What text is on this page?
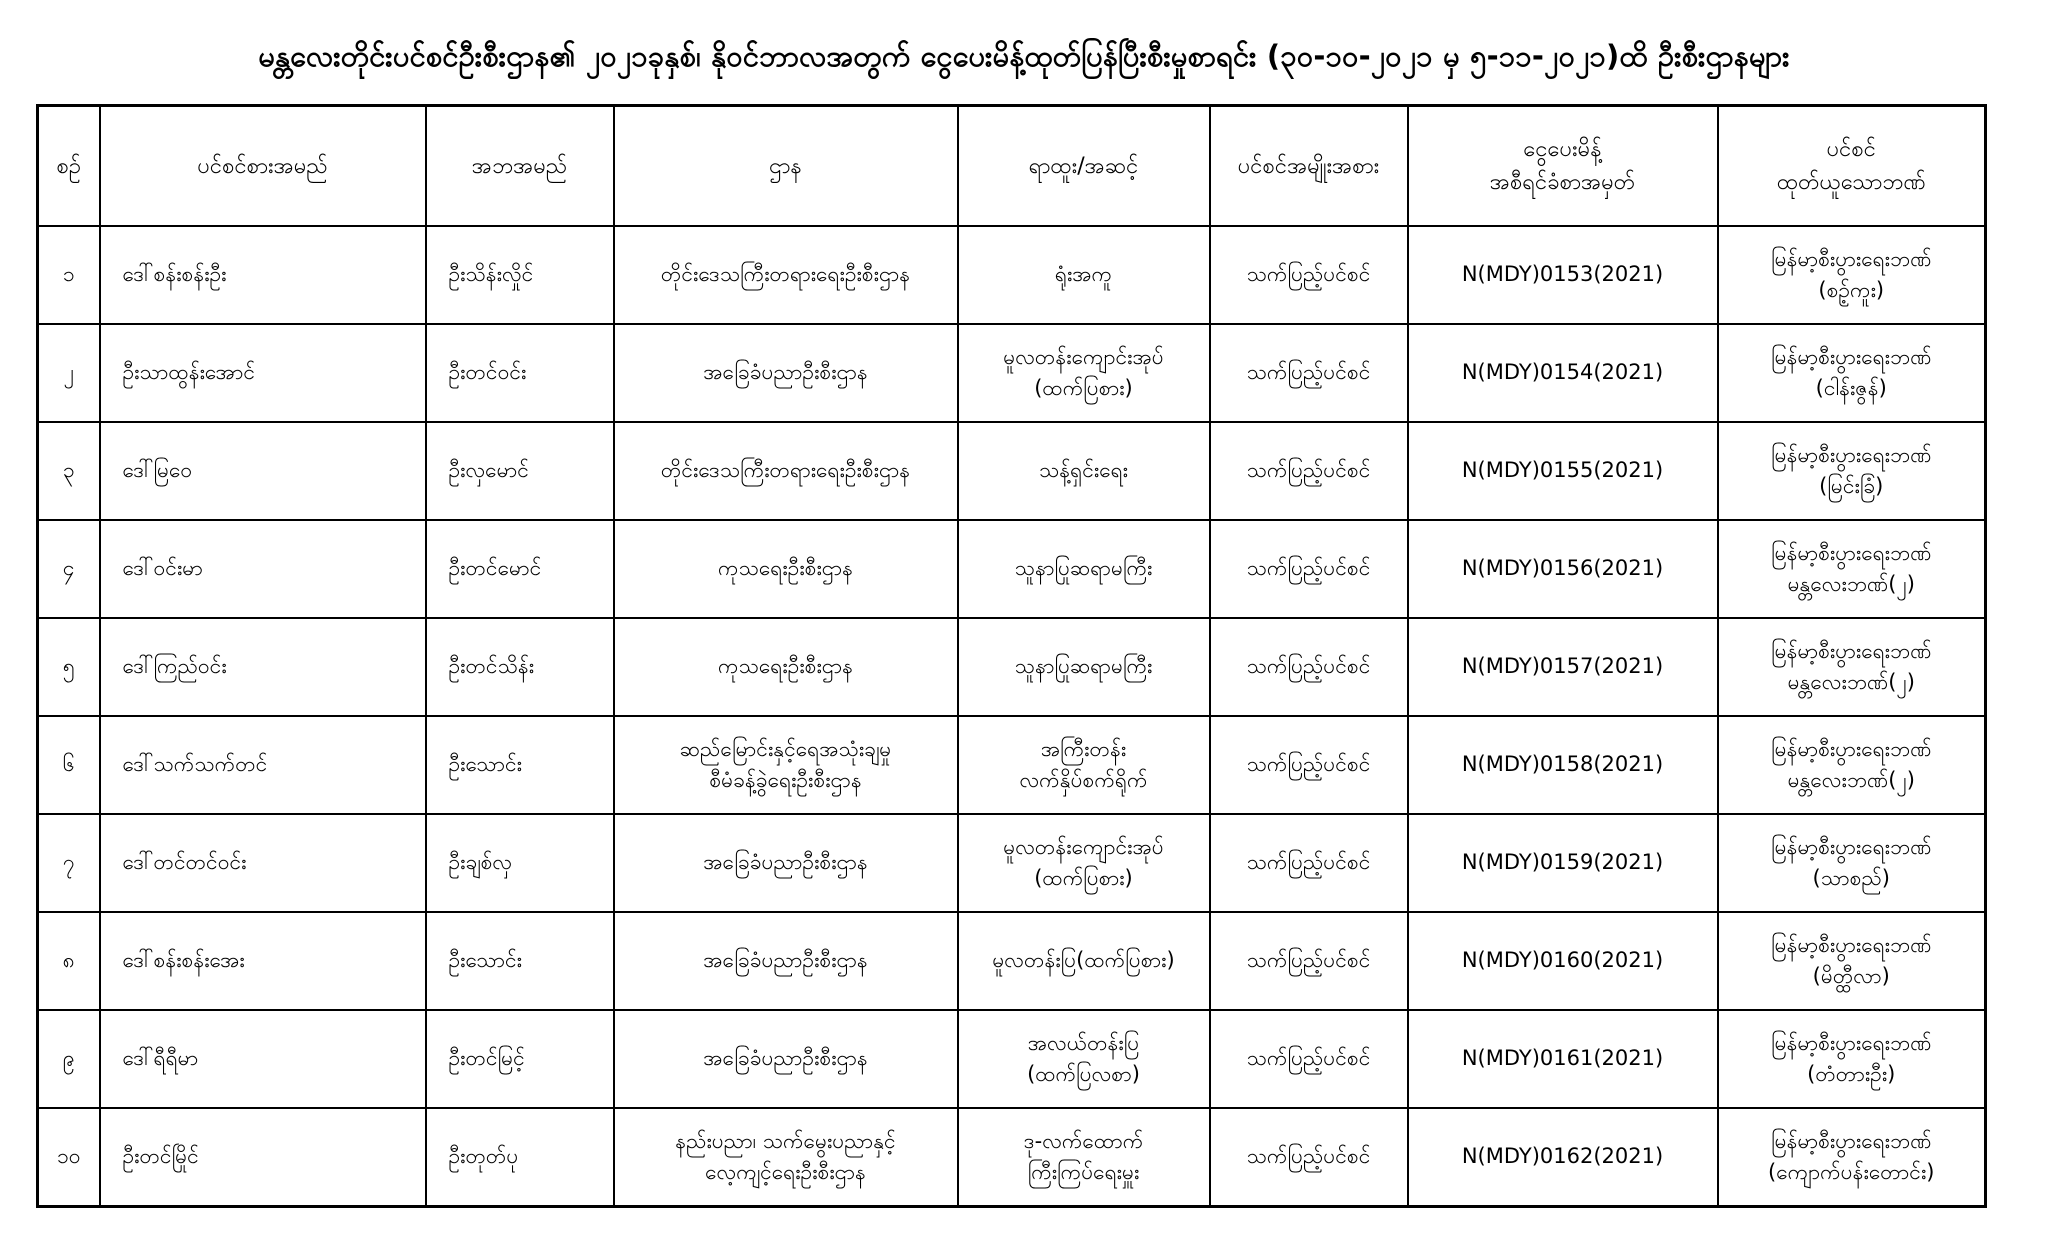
မန္တလေးတိုင်းပင်စင်ဦးစီးဌာန၏ ၂၀၂၁ခုနှစ်၊ နိုဝင်ဘာလအတွက် ငွေပေးမိန့်ထုတ်ပြန်ပြီးစီးမှုစာရင်း (၃၀-၁၀-၂၀၂၁ မှ ၅-၁၁-၂၀၂၁)ထိ ဦးစီးဌာနများ
စဉ်	ပင်စင်စားအမည်	အဘအမည်	ဌာန	ရာထူး/အဆင့်	ပင်စင်အမျိုးအစား	ငွေပေးမိန့်
အစီရင်ခံစာအမှတ်	ပင်စင်
ထုတ်ယူသောဘဏ်

၁	ဒေါ်စန်းစန်းဦး	ဦးသိန်းလှိုင်	တိုင်းဒေသကြီးတရားရေးဦးစီးဌာန	ရုံးအကူ	သက်ပြည့်ပင်စင်	N(MDY)0153(2021)	မြန်မာ့စီးပွားရေးဘဏ်
(စဥ့်ကူး)

၂	ဦးသာထွန်းအောင်	ဦးတင်ဝင်း	အခြေခံပညာဦးစီးဌာန	မူလတန်းကျောင်းအုပ်
(ထက်ပြစား)	သက်ပြည့်ပင်စင်	N(MDY)0154(2021)	မြန်မာ့စီးပွားရေးဘဏ်
(ငါန်းဇွန်)

၃	ဒေါ်မြဝေ	ဦးလှမောင်	တိုင်းဒေသကြီးတရားရေးဦးစီးဌာန	သန့်ရှင်းရေး	သက်ပြည့်ပင်စင်	N(MDY)0155(2021)	မြန်မာ့စီးပွားရေးဘဏ်
(မြင်းခြံ)

၄	ဒေါ်ဝင်းမာ	ဦးတင်မောင်	ကုသရေးဦးစီးဌာန	သူနာပြုဆရာမကြီး	သက်ပြည့်ပင်စင်	N(MDY)0156(2021)	မြန်မာ့စီးပွားရေးဘဏ်
မန္တလေးဘဏ်(၂)

၅	ဒေါ်ကြည်ဝင်း	ဦးတင်သိန်း	ကုသရေးဦးစီးဌာန	သူနာပြုဆရာမကြီး	သက်ပြည့်ပင်စင်	N(MDY)0157(2021)	မြန်မာ့စီးပွားရေးဘဏ်
မန္တလေးဘဏ်(၂)

၆	ဒေါ်သက်သက်တင်	ဦးသောင်း	ဆည်မြောင်းနှင့်ရေအသုံးချမှု
စီမံခန့်ခွဲရေးဦးစီးဌာန	အကြီးတန်း
လက်နှိပ်စက်ရိုက်	သက်ပြည့်ပင်စင်	N(MDY)0158(2021)	မြန်မာ့စီးပွားရေးဘဏ်
မန္တလေးဘဏ်(၂)

၇	ဒေါ်တင်တင်ဝင်း	ဦးချစ်လှ	အခြေခံပညာဦးစီးဌာန	မူလတန်းကျောင်းအုပ်
(ထက်ပြစား)	သက်ပြည့်ပင်စင်	N(MDY)0159(2021)	မြန်မာ့စီးပွားရေးဘဏ်
(သာစည်)

၈	ဒေါ်စန်းစန်းအေး	ဦးသောင်း	အခြေခံပညာဦးစီးဌာန	မူလတန်းပြ(ထက်ပြစား)	သက်ပြည့်ပင်စင်	N(MDY)0160(2021)	မြန်မာ့စီးပွားရေးဘဏ်
(မိတ္ထီလာ)

၉	ဒေါ်ရီရီမာ	ဦးတင်မြင့်	အခြေခံပညာဦးစီးဌာန	အလယ်တန်းပြ
(ထက်ပြလစာ)	သက်ပြည့်ပင်စင်	N(MDY)0161(2021)	မြန်မာ့စီးပွားရေးဘဏ်
(တံတားဦး)

၁၀	ဦးတင်မြိုင်	ဦးတုတ်ပု	နည်းပညာ၊ သက်မွေးပညာနှင့်
လေ့ကျင့်ရေးဦးစီးဌာန	ဒု-လက်ထောက်
ကြီးကြပ်ရေးမှူး	သက်ပြည့်ပင်စင်	N(MDY)0162(2021)	မြန်မာ့စီးပွားရေးဘဏ်
(ကျောက်ပန်းတောင်း)
